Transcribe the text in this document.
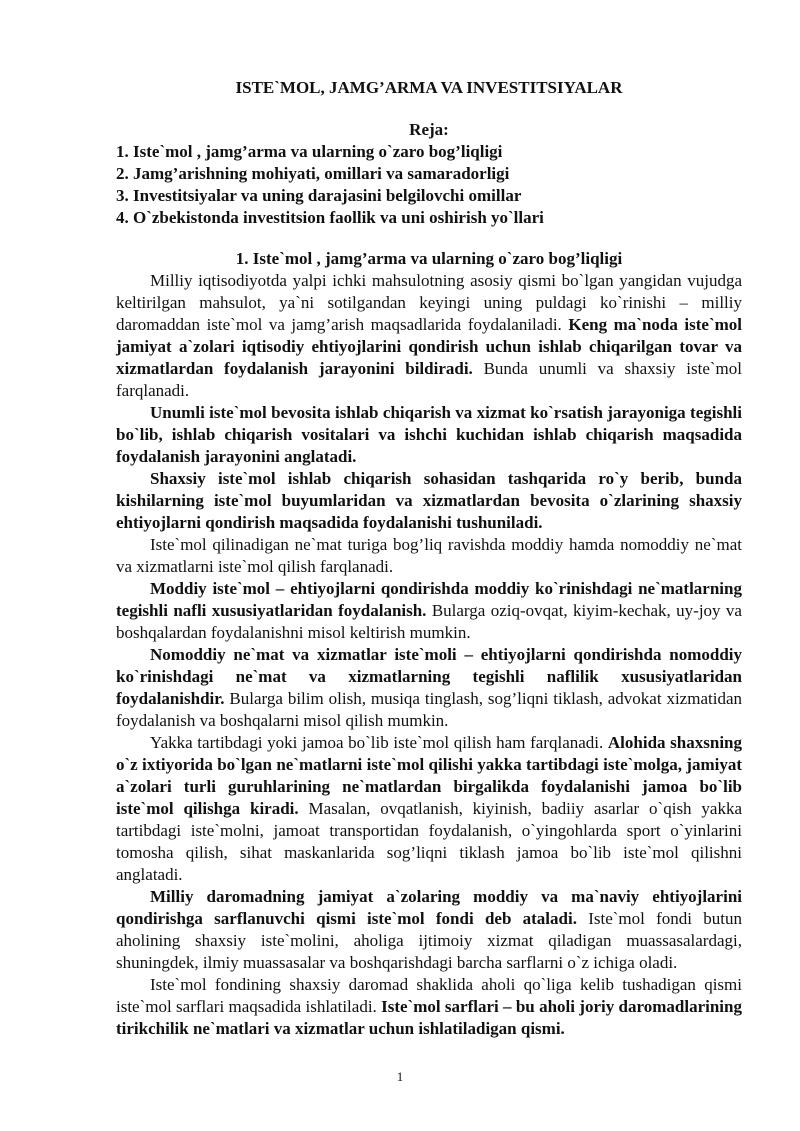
ISTE`MOL, JAMG’ARMA VA INVESTITSIYALAR
Reja:
1. Iste`mol , jamg’arma va ularning o`zaro bog’liqligi
2. Jamg’arishning mohiyati, omillari va samaradorligi
3. Investitsiyalar va uning darajasini belgilovchi omillar
4. O`zbekistonda investitsion faollik va uni oshirish yo`llari
1. Iste`mol , jamg’arma va ularning o`zaro bog’liqligi

Milliy iqtisodiyotda yalpi ichki mahsulotning asosiy qismi bo`lgan yangidan vujudga keltirilgan mahsulot, ya`ni sotilgandan keyingi uning puldagi ko`rinishi – milliy daromaddan iste`mol va jamg’arish maqsadlarida foydalaniladi. Keng ma`noda iste`mol jamiyat a`zolari iqtisodiy ehtiyojlarini qondirish uchun ishlab chiqarilgan tovar va xizmatlardan foydalanish jarayonini bildiradi. Bunda unumli va shaxsiy iste`mol farqlanadi.

Unumli iste`mol bevosita ishlab chiqarish va xizmat ko`rsatish jarayoniga tegishli bo`lib, ishlab chiqarish vositalari va ishchi kuchidan ishlab chiqarish maqsadida foydalanish jarayonini anglatadi.

Shaxsiy iste`mol ishlab chiqarish sohasidan tashqarida ro`y berib, bunda kishilarning iste`mol buyumlaridan va xizmatlardan bevosita o`zlarining shaxsiy ehtiyojlarni qondirish maqsadida foydalanishi tushuniladi.

Iste`mol qilinadigan ne`mat turiga bog’liq ravishda moddiy hamda nomoddiy ne`mat va xizmatlarni iste`mol qilish farqlanadi.

Moddiy iste`mol – ehtiyojlarni qondirishda moddiy ko`rinishdagi ne`matlarning tegishli nafli xususiyatlaridan foydalanish. Bularga oziq-ovqat, kiyim-kechak, uy-joy va boshqalardan foydalanishni misol keltirish mumkin.

Nomoddiy ne`mat va xizmatlar iste`moli – ehtiyojlarni qondirishda nomoddiy ko`rinishdagi ne`mat va xizmatlarning tegishli naflilik xususiyatlaridan foydalanishdir. Bularga bilim olish, musiqa tinglash, sog’liqni tiklash, advokat xizmatidan foydalanish va boshqalarni misol qilish mumkin.

Yakka tartibdagi yoki jamoa bo`lib iste`mol qilish ham farqlanadi. Alohida shaxsning o`z ixtiyorida bo`lgan ne`matlarni iste`mol qilishi yakka tartibdagi iste`molga, jamiyat a`zolari turli guruhlarining ne`matlardan birgalikda foydalanishi jamoa bo`lib iste`mol qilishga kiradi. Masalan, ovqatlanish, kiyinish, badiiy asarlar o`qish yakka tartibdagi iste`molni, jamoat transportidan foydalanish, o`yingohlarda sport o`yinlarini tomosha qilish, sihat maskanlarida sog’liqni tiklash jamoa bo`lib iste`mol qilishni anglatadi.

Milliy daromadning jamiyat a`zolaring moddiy va ma`naviy ehtiyojlarini qondirishga sarflanuvchi qismi iste`mol fondi deb ataladi. Iste`mol fondi butun aholining shaxsiy iste`molini, aholiga ijtimoiy xizmat qiladigan muassasalardagi, shuningdek, ilmiy muassasalar va boshqarishdagi barcha sarflarni o`z ichiga oladi.

Iste`mol fondining shaxsiy daromad shaklida aholi qo`liga kelib tushadigan qismi iste`mol sarflari maqsadida ishlatiladi. Iste`mol sarflari – bu aholi joriy daromadlarining tirikchilik ne`matlari va xizmatlar uchun ishlatiladigan qismi.

1
